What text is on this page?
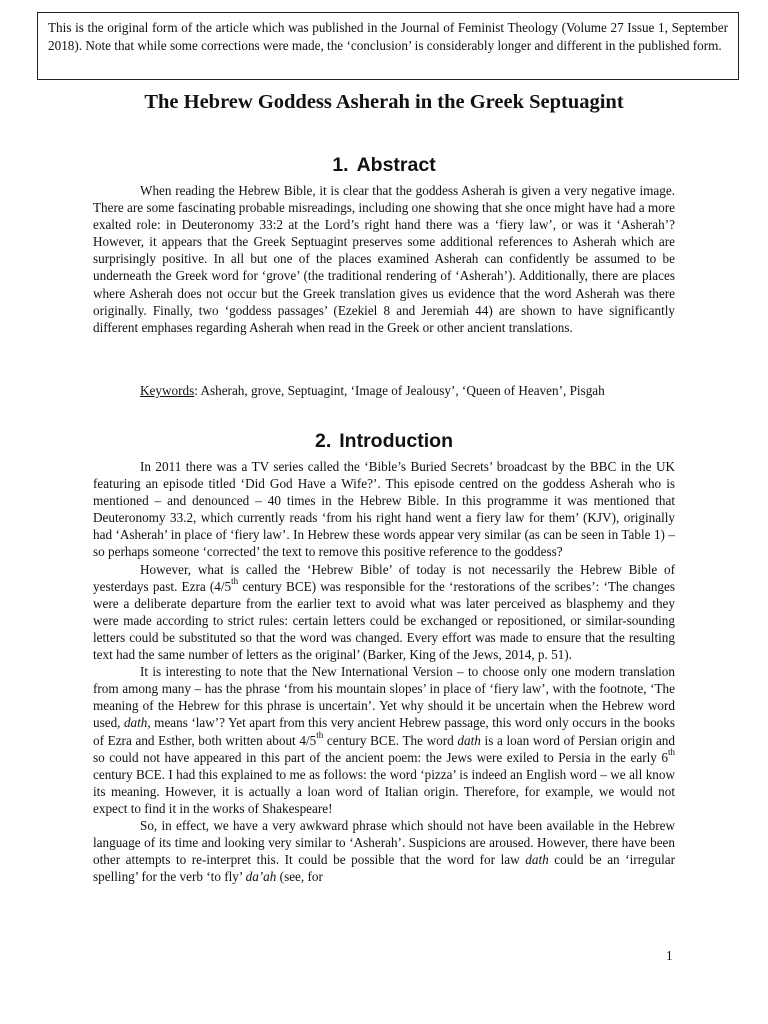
This is the original form of the article which was published in the Journal of Feminist Theology (Volume 27 Issue 1, September 2018). Note that while some corrections were made, the ‘conclusion’ is considerably longer and different in the published form.
The Hebrew Goddess Asherah in the Greek Septuagint
1. Abstract

When reading the Hebrew Bible, it is clear that the goddess Asherah is given a very negative image. There are some fascinating probable misreadings, including one showing that she once might have had a more exalted role: in Deuteronomy 33:2 at the Lord’s right hand there was a ‘fiery law’, or was it ‘Asherah’? However, it appears that the Greek Septuagint preserves some additional references to Asherah which are surprisingly positive. In all but one of the places examined Asherah can confidently be assumed to be underneath the Greek word for ‘grove’ (the traditional rendering of ‘Asherah’). Additionally, there are places where Asherah does not occur but the Greek translation gives us evidence that the word Asherah was there originally. Finally, two ‘goddess passages’ (Ezekiel 8 and Jeremiah 44) are shown to have significantly different emphases regarding Asherah when read in the Greek or other ancient translations.

Keywords: Asherah, grove, Septuagint, ‘Image of Jealousy’, ‘Queen of Heaven’, Pisgah

2. Introduction

In 2011 there was a TV series called the ‘Bible’s Buried Secrets’ broadcast by the BBC in the UK featuring an episode titled ‘Did God Have a Wife?’. This episode centred on the goddess Asherah who is mentioned – and denounced – 40 times in the Hebrew Bible. In this programme it was mentioned that Deuteronomy 33.2, which currently reads ‘from his right hand went a fiery law for them’ (KJV), originally had ‘Asherah’ in place of ‘fiery law’. In Hebrew these words appear very similar (as can be seen in Table 1) – so perhaps someone ‘corrected’ the text to remove this positive reference to the goddess?

However, what is called the ‘Hebrew Bible’ of today is not necessarily the Hebrew Bible of yesterdays past. Ezra (4/5th century BCE) was responsible for the ‘restorations of the scribes’: ‘The changes were a deliberate departure from the earlier text to avoid what was later perceived as blasphemy and they were made according to strict rules: certain letters could be exchanged or repositioned, or similar-sounding letters could be substituted so that the word was changed. Every effort was made to ensure that the resulting text had the same number of letters as the original’ (Barker, King of the Jews, 2014, p. 51).

It is interesting to note that the New International Version – to choose only one modern translation from among many – has the phrase ‘from his mountain slopes’ in place of ‘fiery law’, with the footnote, ‘The meaning of the Hebrew for this phrase is uncertain’. Yet why should it be uncertain when the Hebrew word used, dath, means ‘law’? Yet apart from this very ancient Hebrew passage, this word only occurs in the books of Ezra and Esther, both written about 4/5th century BCE. The word dath is a loan word of Persian origin and so could not have appeared in this part of the ancient poem: the Jews were exiled to Persia in the early 6th century BCE. I had this explained to me as follows: the word ‘pizza’ is indeed an English word – we all know its meaning. However, it is actually a loan word of Italian origin. Therefore, for example, we would not expect to find it in the works of Shakespeare!

So, in effect, we have a very awkward phrase which should not have been available in the Hebrew language of its time and looking very similar to ‘Asherah’. Suspicions are aroused. However, there have been other attempts to re-interpret this. It could be possible that the word for law dath could be an ‘irregular spelling’ for the verb ‘to fly’ da’ah (see, for

1
